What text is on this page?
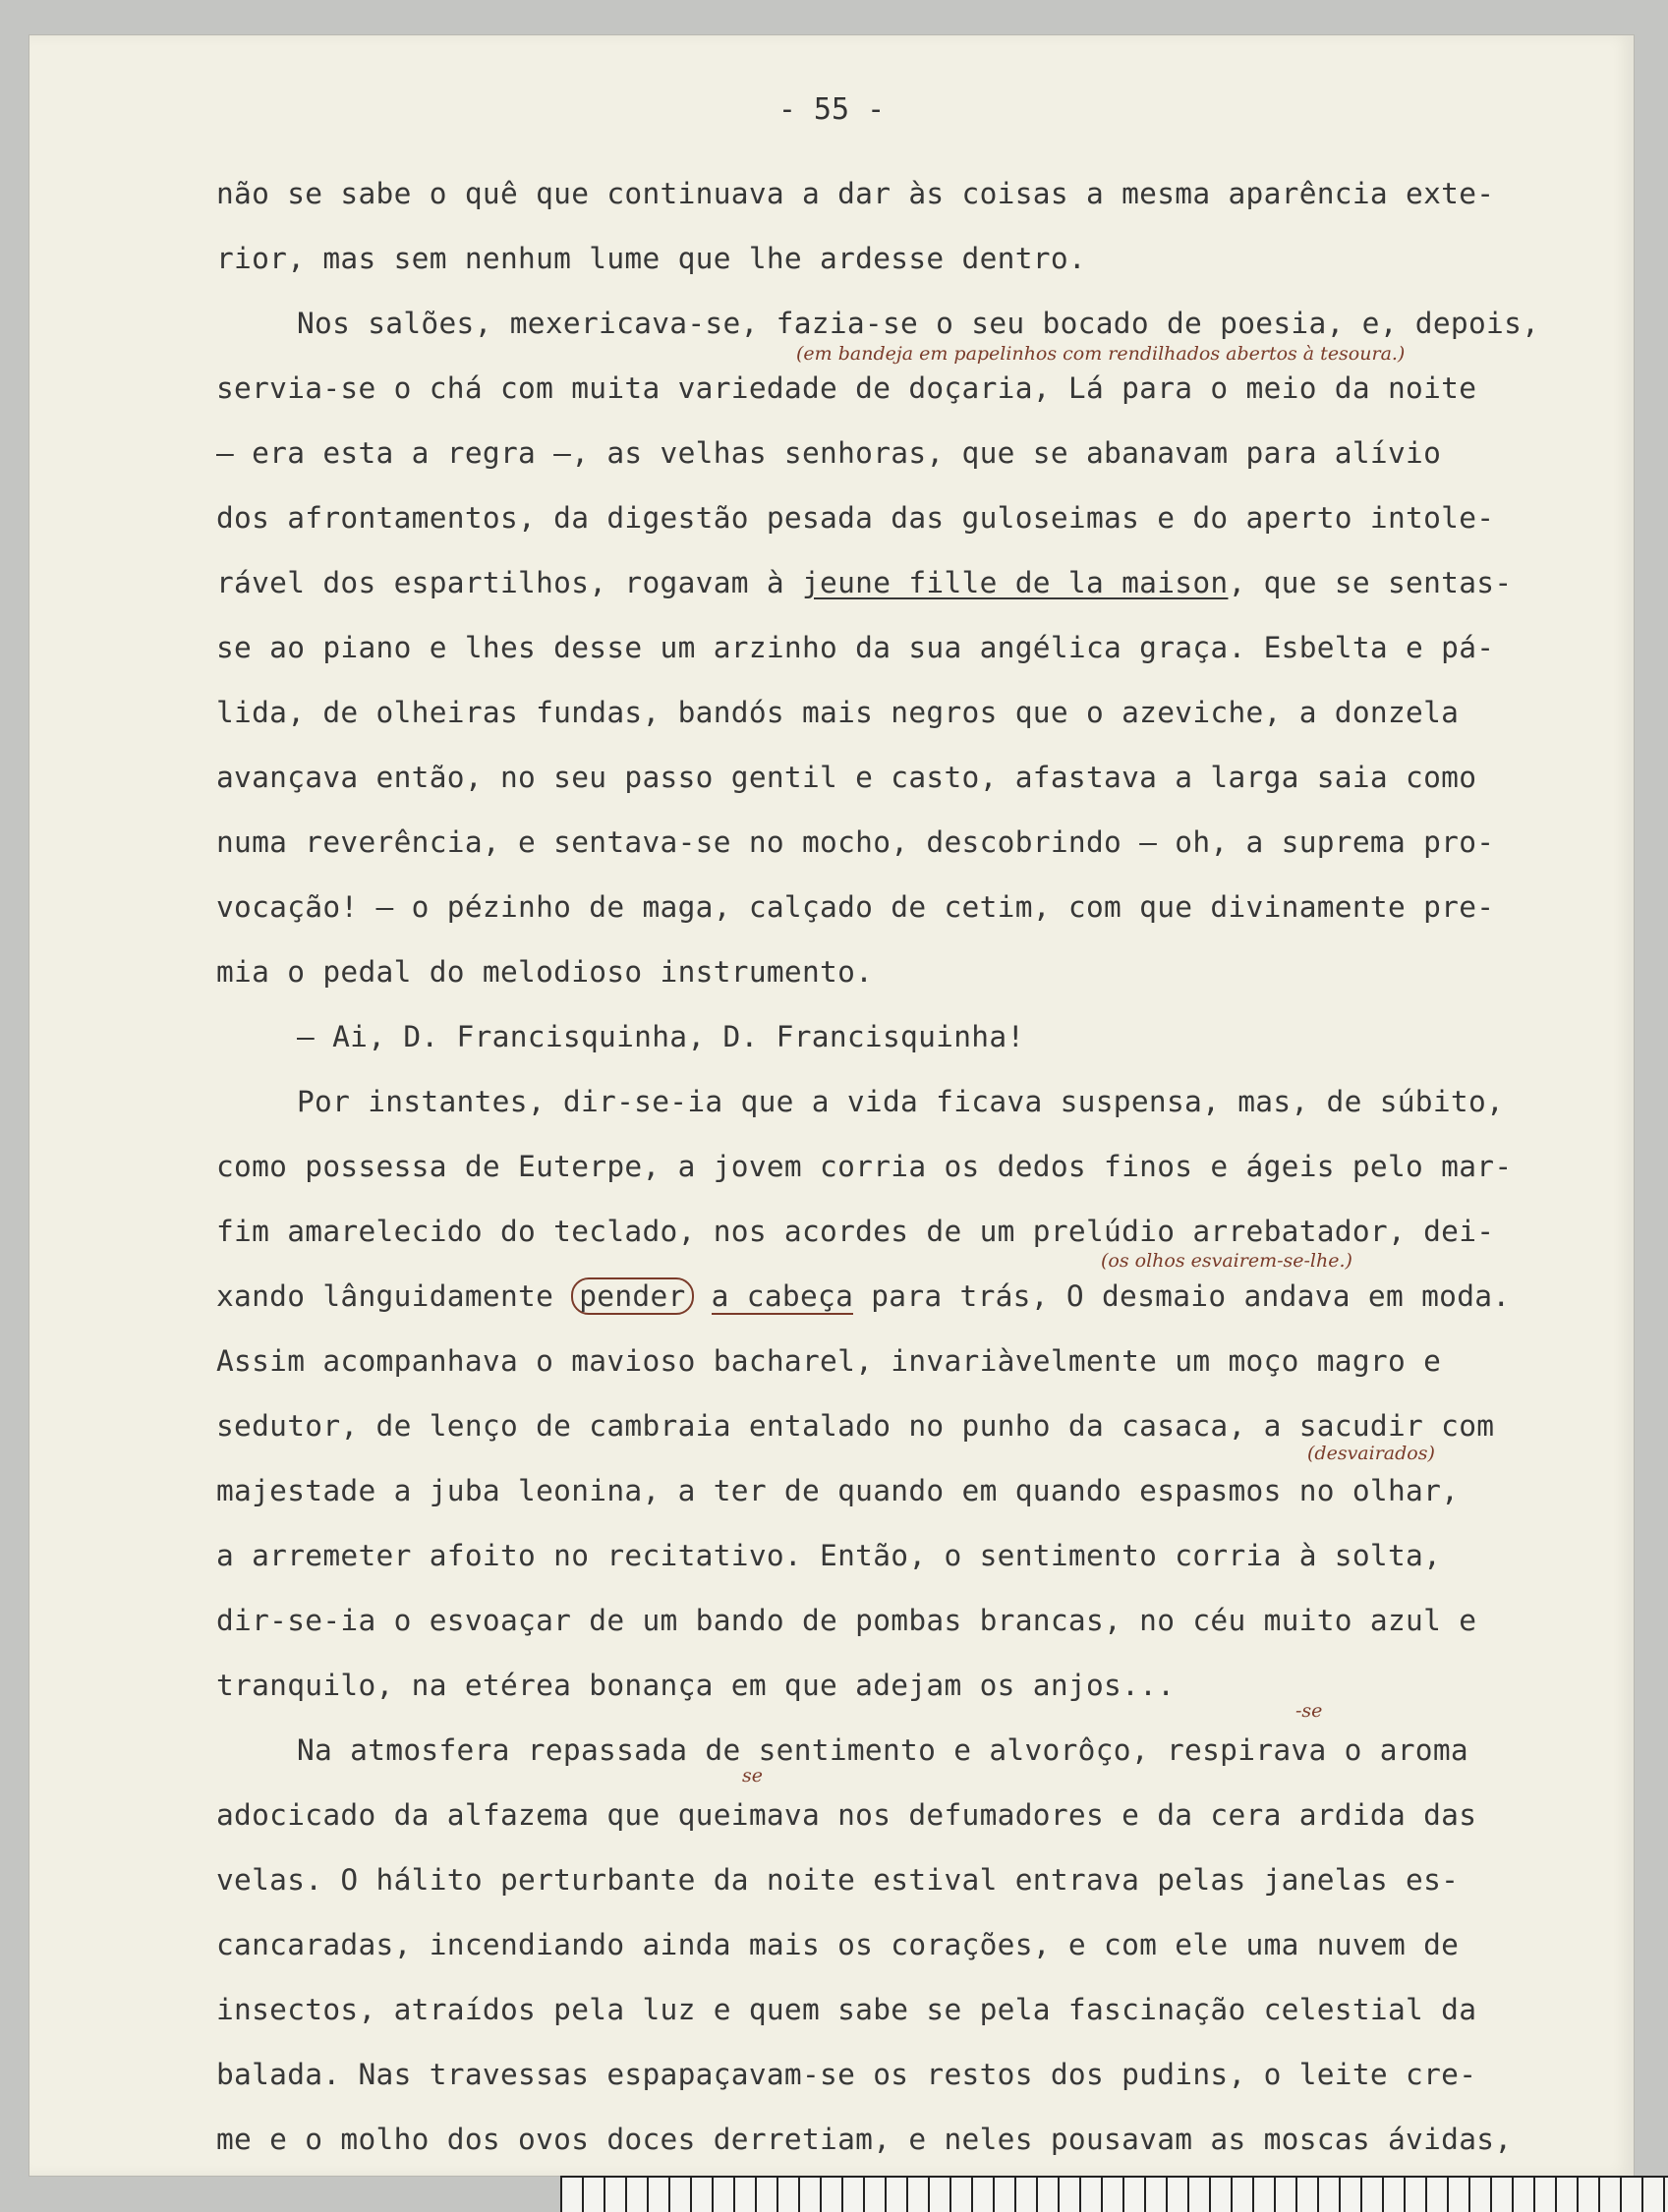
- 55 -
não se sabe o quê que continuava a dar às coisas a mesma aparência exte-
rior, mas sem nenhum lume que lhe ardesse dentro.
Nos salões, mexericava-se, fazia-se o seu bocado de poesia, e, depois,
(em bandeja em papelinhos com rendilhados abertos à tesoura.)
servia-se o chá com muita variedade de doçaria, Lá para o meio da noite
— era esta a regra —, as velhas senhoras, que se abanavam para alívio
dos afrontamentos, da digestão pesada das guloseimas e do aperto intole-
rável dos espartilhos, rogavam à jeune fille de la maison, que se sentas-
se ao piano e lhes desse um arzinho da sua angélica graça. Esbelta e pá-
lida, de olheiras fundas, bandós mais negros que o azeviche, a donzela
avançava então, no seu passo gentil e casto, afastava a larga saia como
numa reverência, e sentava-se no mocho, descobrindo — oh, a suprema pro-
vocação! — o pézinho de maga, calçado de cetim, com que divinamente pre-
mia o pedal do melodioso instrumento.
— Ai, D. Francisquinha, D. Francisquinha!
Por instantes, dir-se-ia que a vida ficava suspensa, mas, de súbito,
como possessa de Euterpe, a jovem corria os dedos finos e ágeis pelo mar-
fim amarelecido do teclado, nos acordes de um prelúdio arrebatador, dei-
(os olhos esvairem-se-lhe.)
xando lânguidamente pender a cabeça para trás, O desmaio andava em moda.
Assim acompanhava o mavioso bacharel, invariàvelmente um moço magro e
sedutor, de lenço de cambraia entalado no punho da casaca, a sacudir com
(desvairados)
majestade a juba leonina, a ter de quando em quando espasmos no olhar,
a arremeter afoito no recitativo. Então, o sentimento corria à solta,
dir-se-ia o esvoaçar de um bando de pombas brancas, no céu muito azul e
tranquilo, na etérea bonança em que adejam os anjos...
-se
Na atmosfera repassada de sentimento e alvorôço, respirava o aroma
se
adocicado da alfazema que queimava nos defumadores e da cera ardida das
velas. O hálito perturbante da noite estival entrava pelas janelas es-
cancaradas, incendiando ainda mais os corações, e com ele uma nuvem de
insectos, atraídos pela luz e quem sabe se pela fascinação celestial da
balada. Nas travessas espapaçavam-se os restos dos pudins, o leite cre-
me e o molho dos ovos doces derretiam, e neles pousavam as moscas ávidas,
